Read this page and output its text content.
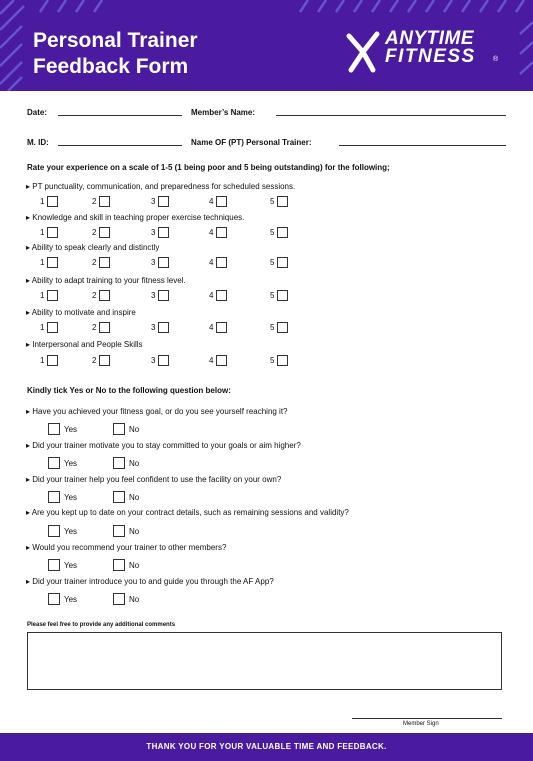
Personal Trainer
Feedback Form
ANYTIME
FITNESS ®
Date:	Member’s Name:
M. ID:	Name OF (PT) Personal Trainer:
Rate your experience on a scale of 1-5 (1 being poor and 5 being outstanding) for the following;
▸ PT punctuality, communication, and preparedness for scheduled sessions.
1	2	3	4	5
▸ Knowledge and skill in teaching proper exercise techniques.
1	2	3	4	5
▸ Ability to speak clearly and distinctly
1	2	3	4	5
▸ Ability to adapt training to your fitness level.
1	2	3	4	5
▸ Ability to motivate and inspire
1	2	3	4	5
▸ Interpersonal and People Skills
1	2	3	4	5
Kindly tick Yes or No to the following question below:
▸ Have you achieved your fitness goal, or do you see yourself reaching it?
Yes	No
▸ Did your trainer motivate you to stay committed to your goals or aim higher?
Yes	No
▸ Did your trainer help you feel confident to use the facility on your own?
Yes	No
▸ Are you kept up to date on your contract details, such as remaining sessions and validity?
Yes	No
▸ Would you recommend your trainer to other members?
Yes	No
▸ Did your trainer introduce you to and guide you through the AF App?
Yes	No
Please feel free to provide any additional comments
Member Sign
THANK YOU FOR YOUR VALUABLE TIME AND FEEDBACK.
